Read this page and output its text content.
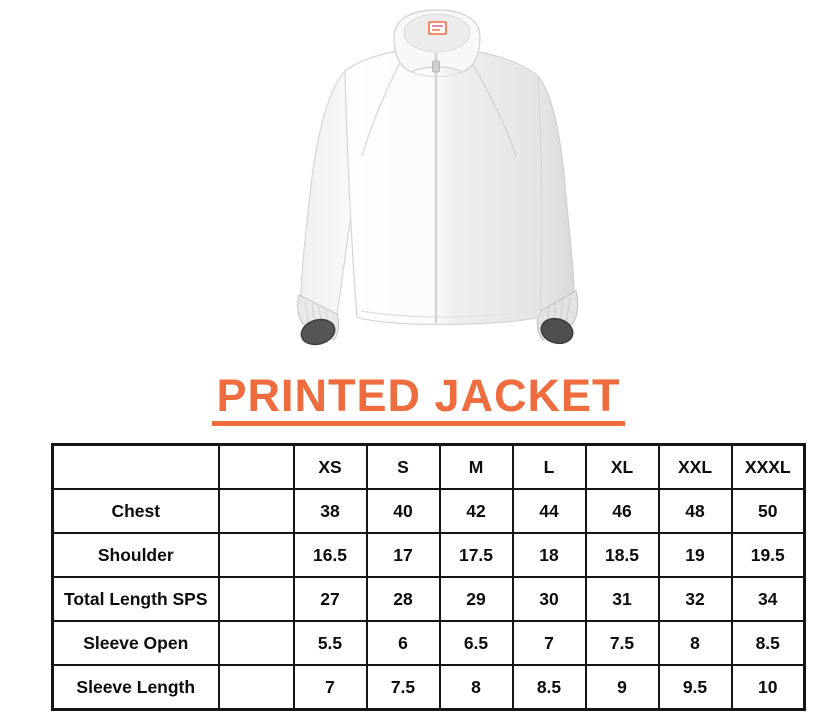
PRINTED JACKET
		XS	S	M	L	XL	XXL	XXXL
Chest		38	40	42	44	46	48	50
Shoulder		16.5	17	17.5	18	18.5	19	19.5
Total Length SPS		27	28	29	30	31	32	34
Sleeve Open		5.5	6	6.5	7	7.5	8	8.5
Sleeve Length		7	7.5	8	8.5	9	9.5	10
